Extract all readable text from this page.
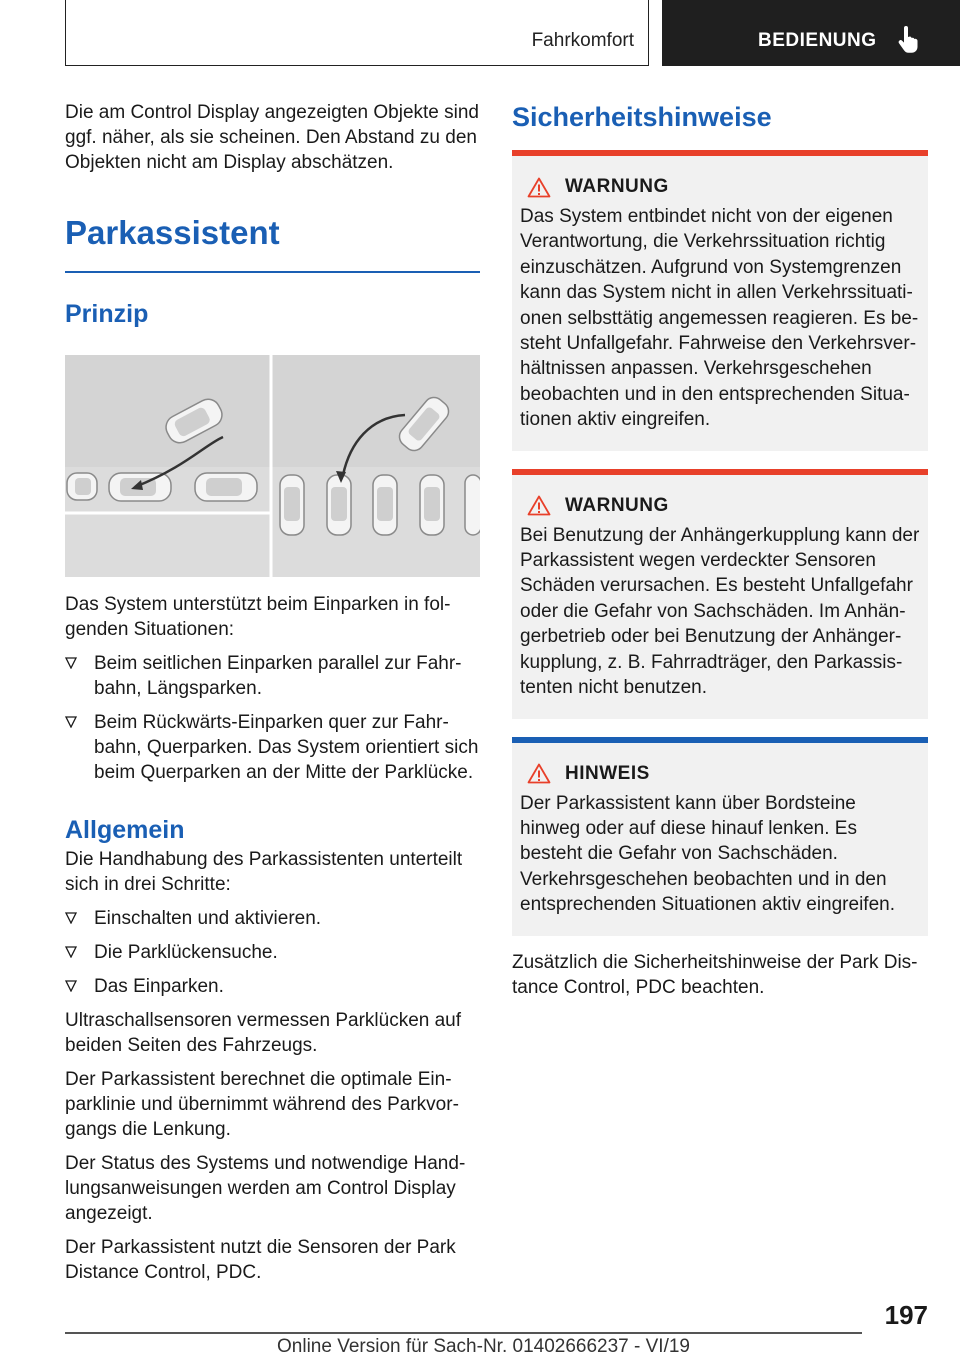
Fahrkomfort	BEDIENUNG

Die am Control Display angezeigten Objekte sind ggf. näher, als sie scheinen. Den Abstand zu den Objekten nicht am Display abschätzen.

Parkassistent
Prinzip

Das System unterstützt beim Einparken in folgenden Situationen:

Beim seitlichen Einparken parallel zur Fahrbahn, Längsparken.
Beim Rückwärts-Einparken quer zur Fahrbahn, Querparken. Das System orientiert sich beim Querparken an der Mitte der Parklücke.
Allgemein

Die Handhabung des Parkassistenten unterteilt sich in drei Schritte:

Einschalten und aktivieren.
Die Parklückensuche.
Das Einparken.

Ultraschallsensoren vermessen Parklücken auf beiden Seiten des Fahrzeugs.

Der Parkassistent berechnet die optimale Einparklinie und übernimmt während des Parkvorgangs die Lenkung.

Der Status des Systems und notwendige Handlungsanweisungen werden am Control Display angezeigt.

Der Parkassistent nutzt die Sensoren der Park Distance Control, PDC.

Sicherheitshinweise
WARNUNG

Das System entbindet nicht von der eigenen Verantwortung, die Verkehrssituation richtig einzuschätzen. Aufgrund von Systemgrenzen kann das System nicht in allen Verkehrssituationen selbsttätig angemessen reagieren. Es besteht Unfallgefahr. Fahrweise den Verkehrsverhältnissen anpassen. Verkehrsgeschehen beobachten und in den entsprechenden Situationen aktiv eingreifen.

WARNUNG

Bei Benutzung der Anhängerkupplung kann der Parkassistent wegen verdeckter Sensoren Schäden verursachen. Es besteht Unfallgefahr oder die Gefahr von Sachschäden. Im Anhängerbetrieb oder bei Benutzung der Anhängerkupplung, z. B. Fahrradträger, den Parkassistenten nicht benutzen.

HINWEIS

Der Parkassistent kann über Bordsteine hinweg oder auf diese hinauf lenken. Es besteht die Gefahr von Sachschäden. Verkehrsgeschehen beobachten und in den entsprechenden Situationen aktiv eingreifen.

Zusätzlich die Sicherheitshinweise der Park Distance Control, PDC beachten.

197
Online Version für Sach-Nr. 01402666237 - VI/19
